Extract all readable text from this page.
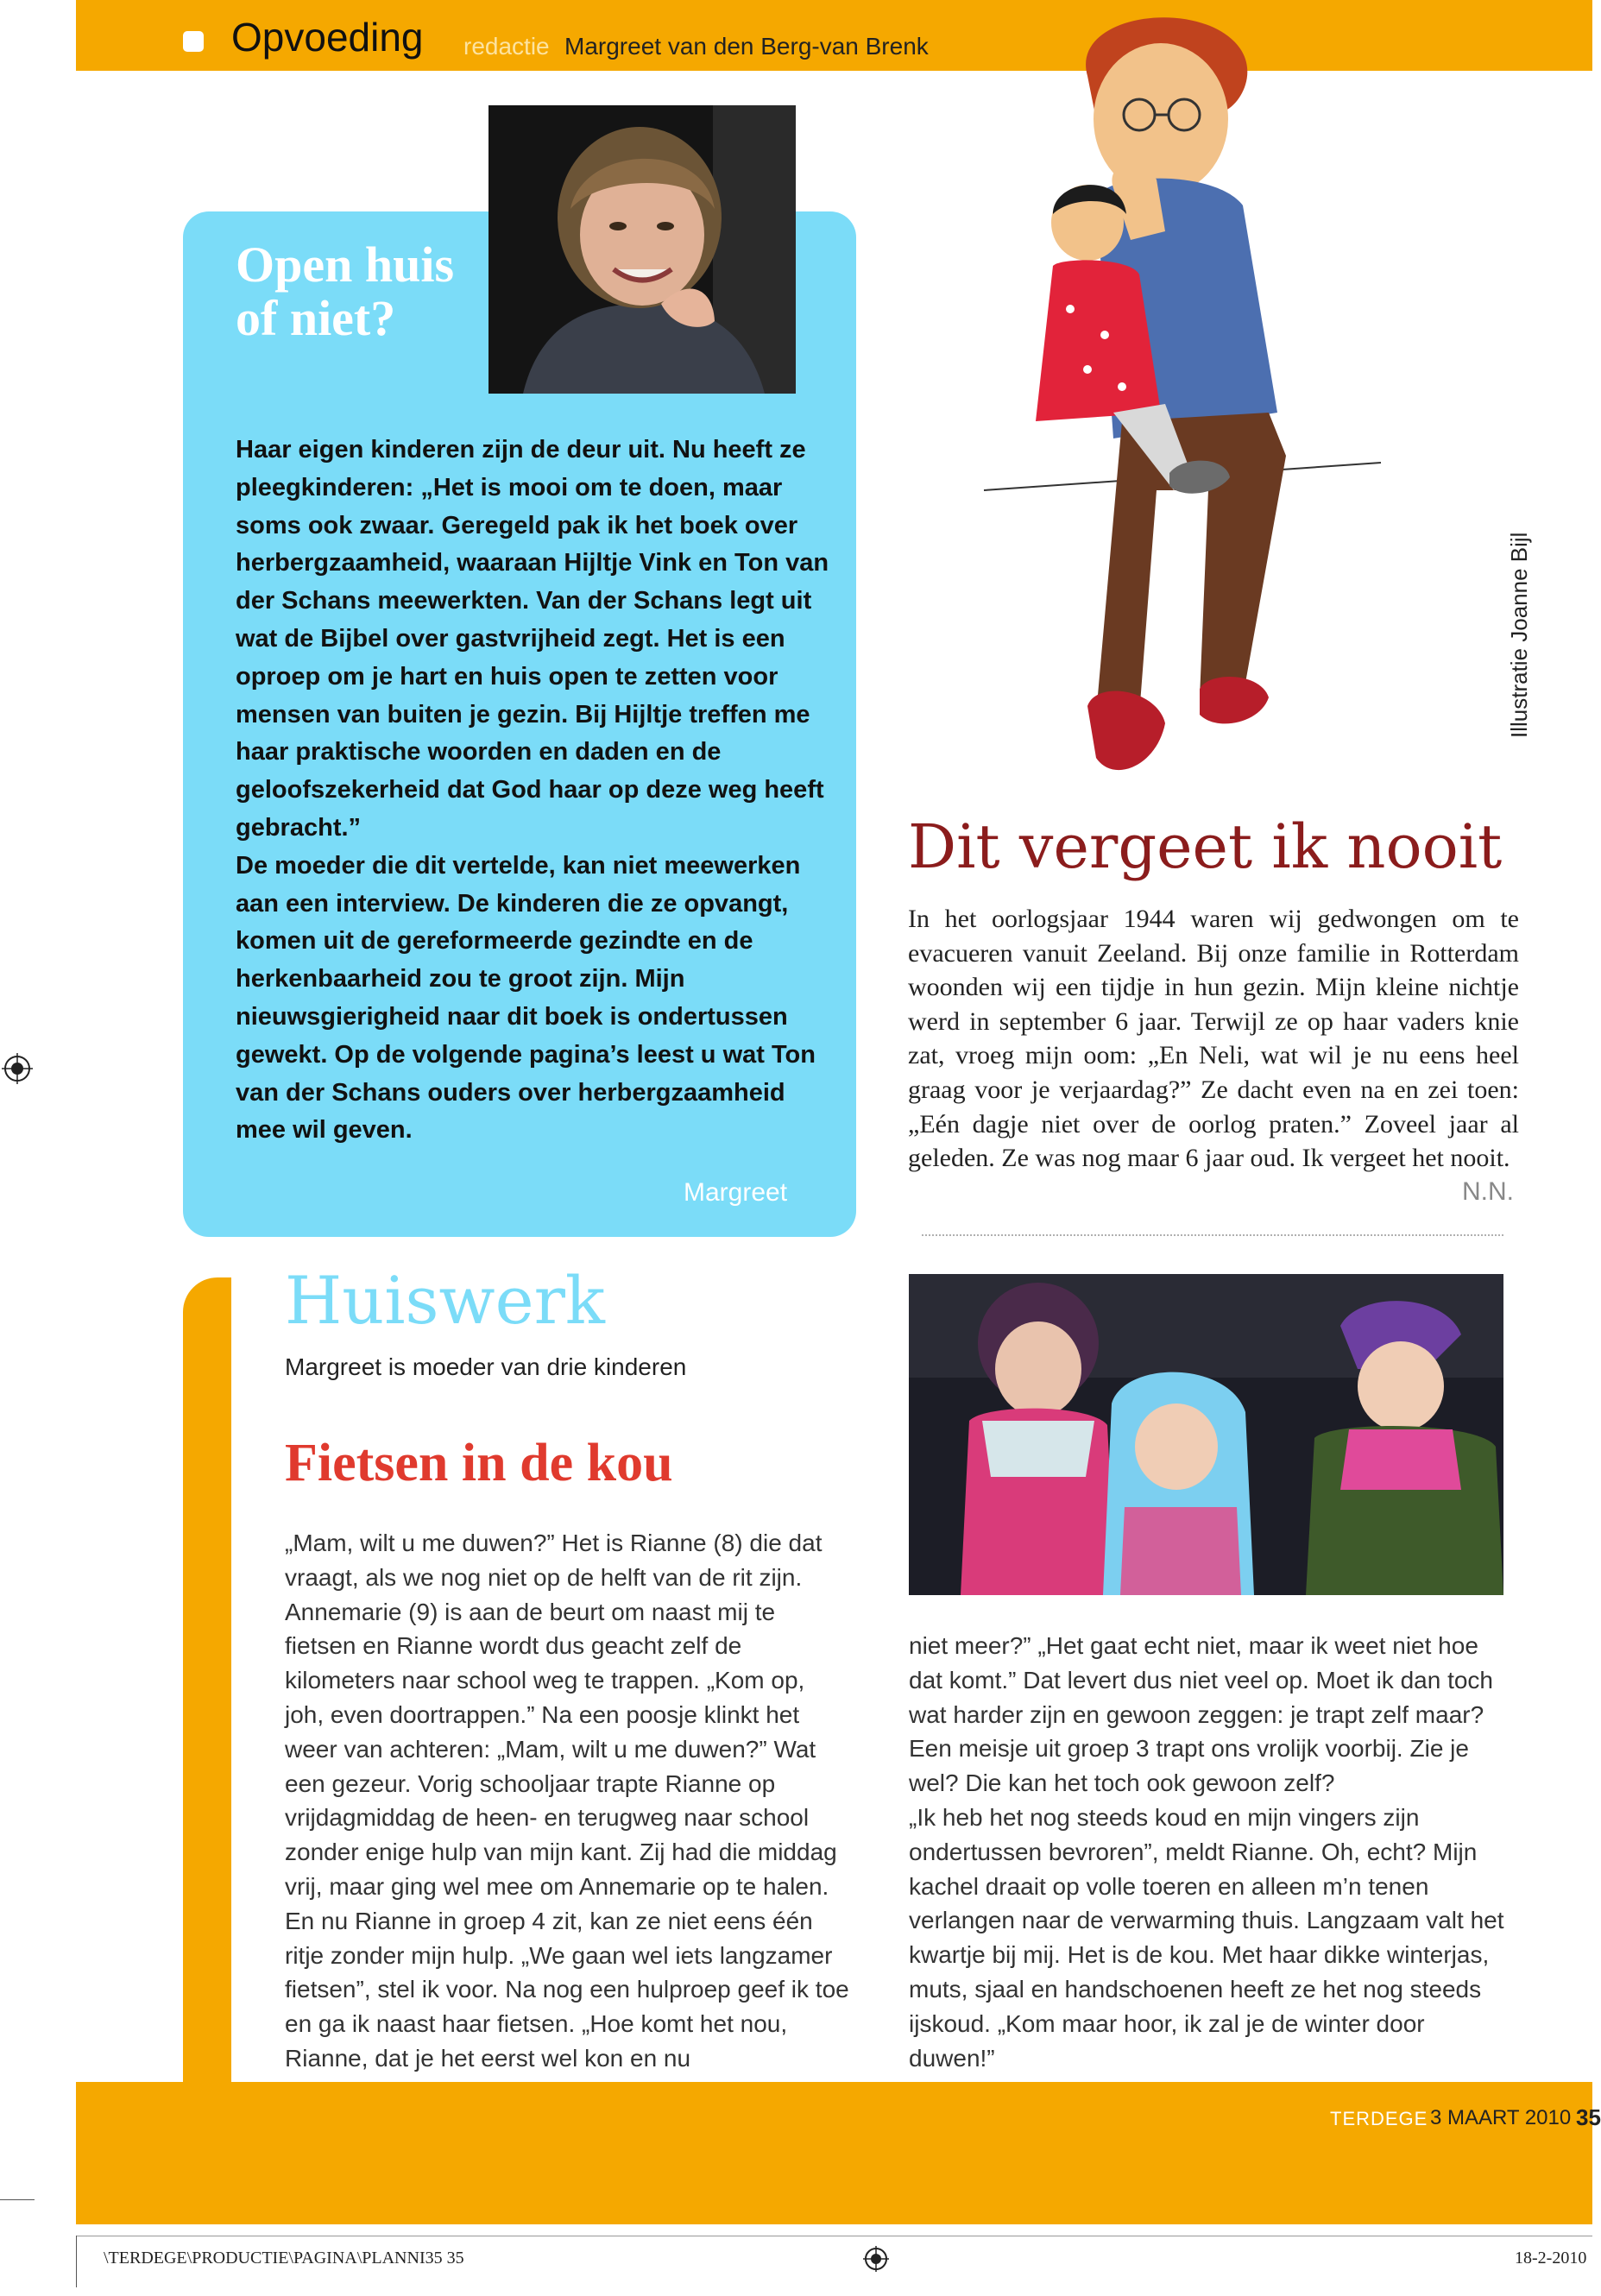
Opvoeding redactie Margreet van den Berg-van Brenk
Open huis of niet?
Haar eigen kinderen zijn de deur uit. Nu heeft ze pleegkinderen: „Het is mooi om te doen, maar soms ook zwaar. Geregeld pak ik het boek over herbergzaamheid, waaraan Hijltje Vink en Ton van der Schans meewerkten. Van der Schans legt uit wat de Bijbel over gastvrijheid zegt. Het is een oproep om je hart en huis open te zetten voor mensen van buiten je gezin. Bij Hijltje treffen me haar praktische woorden en daden en de geloofszekerheid dat God haar op deze weg heeft gebracht.”
De moeder die dit vertelde, kan niet meewerken aan een interview. De kinderen die ze opvangt, komen uit de gereformeerde gezindte en de herkenbaarheid zou te groot zijn. Mijn nieuwsgierigheid naar dit boek is ondertussen gewekt. Op de volgende pagina’s leest u wat Ton van der Schans ouders over herbergzaamheid mee wil geven.
Margreet
Illustratie Joanne Bijl
Dit vergeet ik nooit
In het oorlogsjaar 1944 waren wij gedwongen om te evacueren vanuit Zeeland. Bij onze familie in Rotterdam woonden wij een tijdje in hun gezin. Mijn kleine nichtje werd in september 6 jaar. Terwijl ze op haar vaders knie zat, vroeg mijn oom: „En Neli, wat wil je nu eens heel graag voor je verjaardag?” Ze dacht even na en zei toen: „Eén dagje niet over de oorlog praten.” Zoveel jaar al geleden. Ze was nog maar 6 jaar oud. Ik vergeet het nooit.
N.N.
Huiswerk
Margreet is moeder van drie kinderen
Fietsen in de kou
„Mam, wilt u me duwen?” Het is Rianne (8) die dat vraagt, als we nog niet op de helft van de rit zijn. Annemarie (9) is aan de beurt om naast mij te fietsen en Rianne wordt dus geacht zelf de kilometers naar school weg te trappen. „Kom op, joh, even doortrappen.” Na een poosje klinkt het weer van achteren: „Mam, wilt u me duwen?” Wat een gezeur. Vorig schooljaar trapte Rianne op vrijdagmiddag de heen- en terugweg naar school zonder enige hulp van mijn kant. Zij had die middag vrij, maar ging wel mee om Annemarie op te halen. En nu Rianne in groep 4 zit, kan ze niet eens één ritje zonder mijn hulp. „We gaan wel iets langzamer fietsen”, stel ik voor. Na nog een hulproep geef ik toe en ga ik naast haar fietsen. „Hoe komt het nou, Rianne, dat je het eerst wel kon en nu
niet meer?” „Het gaat echt niet, maar ik weet niet hoe dat komt.” Dat levert dus niet veel op. Moet ik dan toch wat harder zijn en gewoon zeggen: je trapt zelf maar? Een meisje uit groep 3 trapt ons vrolijk voorbij. Zie je wel? Die kan het toch ook gewoon zelf?
„Ik heb het nog steeds koud en mijn vingers zijn ondertussen bevroren”, meldt Rianne. Oh, echt? Mijn kachel draait op volle toeren en alleen m’n tenen verlangen naar de verwarming thuis. Langzaam valt het kwartje bij mij. Het is de kou. Met haar dikke winterjas, muts, sjaal en handschoenen heeft ze het nog steeds ijskoud. „Kom maar hoor, ik zal je de winter door duwen!”
TERDEGE 3 MAART 2010 35
\TERDEGE\PRODUCTIE\PAGINA\PLANNI35 35	18-2-2010
